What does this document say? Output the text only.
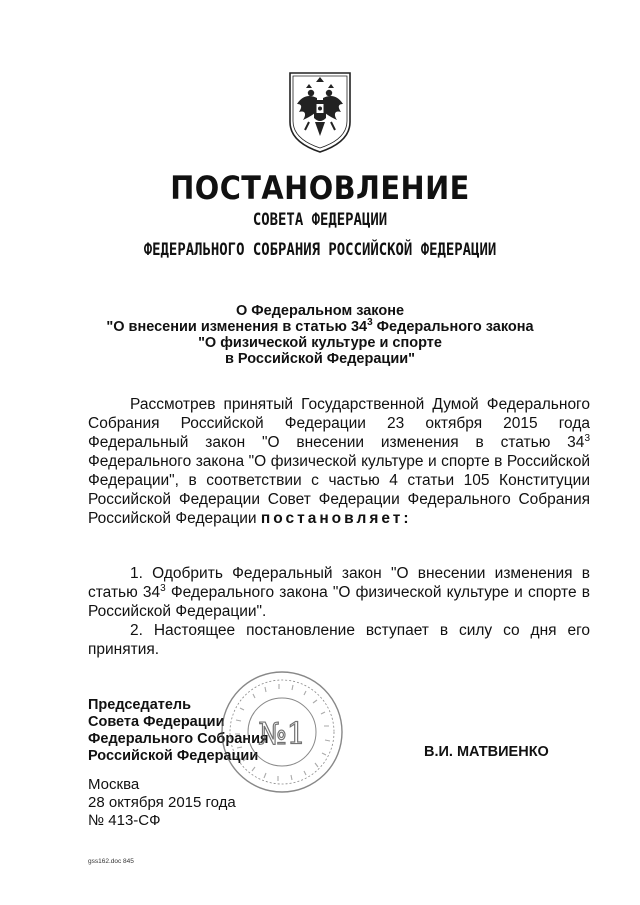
ПОСТАНОВЛЕНИЕ
СОВЕТА ФЕДЕРАЦИИ
ФЕДЕРАЛЬНОГО СОБРАНИЯ РОССИЙСКОЙ ФЕДЕРАЦИИ
О Федеральном законе
"О внесении изменения в статью $34^3$ Федерального закона
"О физической культуре и спорте
в Российской Федерации"

Рассмотрев принятый Государственной Думой Федерального Собрания Российской Федерации 23 октября 2015 года Федеральный закон "О внесении изменения в статью $34^3$ Федерального закона "О физической культуре и спорте в Российской Федерации", в соответствии с частью 4 статьи 105 Конституции Российской Федерации Совет Федерации Федерального Собрания Российской Федерации постановляет:

1. Одобрить Федеральный закон "О внесении изменения в статью $34^3$ Федерального закона "О физической культуре и спорте в Российской Федерации".

2. Настоящее постановление вступает в силу со дня его принятия.

Председатель
Совета Федерации
Федерального Собрания
Российской Федерации	В.И. МАТВИЕНКО
№1
Москва
28 октября 2015 года
№ 413-СФ
gss162.doc 845
